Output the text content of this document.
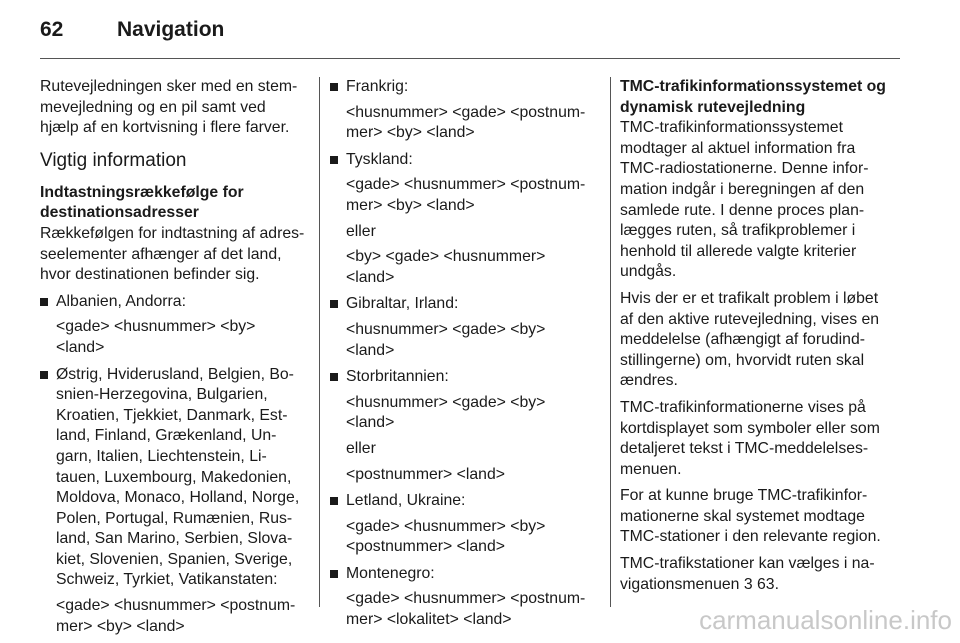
62	Navigation

Rutevejledningen sker med en stem-
mevejledning og en pil samt ved
hjælp af en kortvisning i flere farver.

Vigtig information

Indtastningsrækkefølge for
destinationsadresser

Rækkefølgen for indtastning af adres-
seelementer afhænger af det land,
hvor destinationen befinder sig.

Albanien, Andorra:
<gade> <husnummer> <by>
<land>
Østrig, Hviderusland, Belgien, Bo-
snien-Herzegovina, Bulgarien,
Kroatien, Tjekkiet, Danmark, Est-
land, Finland, Grækenland, Un-
garn, Italien, Liechtenstein, Li-
tauen, Luxembourg, Makedonien,
Moldova, Monaco, Holland, Norge,
Polen, Portugal, Rumænien, Rus-
land, San Marino, Serbien, Slova-
kiet, Slovenien, Spanien, Sverige,
Schweiz, Tyrkiet, Vatikanstaten:
<gade> <husnummer> <postnum-
mer> <by> <land>
Frankrig:
<husnummer> <gade> <postnum-
mer> <by> <land>
Tyskland:
<gade> <husnummer> <postnum-
mer> <by> <land>
eller
<by> <gade> <husnummer>
<land>
Gibraltar, Irland:
<husnummer> <gade> <by>
<land>
Storbritannien:
<husnummer> <gade> <by>
<land>
eller
<postnummer> <land>
Letland, Ukraine:
<gade> <husnummer> <by>
<postnummer> <land>
Montenegro:
<gade> <husnummer> <postnum-
mer> <lokalitet> <land>

TMC-trafikinformationssystemet og
dynamisk rutevejledning

TMC-trafikinformationssystemet
modtager al aktuel information fra
TMC-radiostationerne. Denne infor-
mation indgår i beregningen af den
samlede rute. I denne proces plan-
lægges ruten, så trafikproblemer i
henhold til allerede valgte kriterier
undgås.

Hvis der er et trafikalt problem i løbet
af den aktive rutevejledning, vises en
meddelelse (afhængigt af forudind-
stillingerne) om, hvorvidt ruten skal
ændres.

TMC-trafikinformationerne vises på
kortdisplayet som symboler eller som
detaljeret tekst i TMC-meddelelses-
menuen.

For at kunne bruge TMC-trafikinfor-
mationerne skal systemet modtage
TMC-stationer i den relevante region.

TMC-trafikstationer kan vælges i na-
vigationsmenuen 3 63.

carmanualsonline.info
